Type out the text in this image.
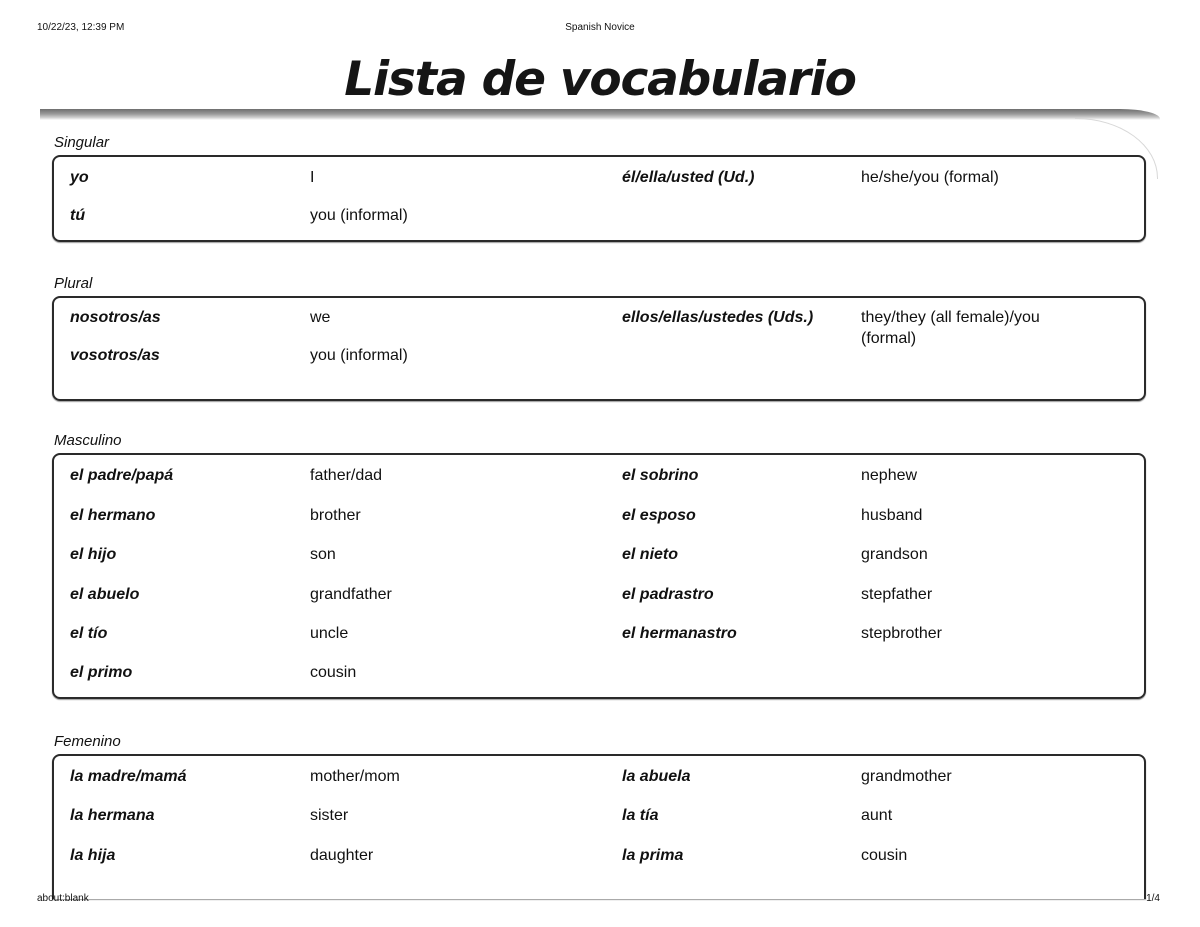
10/22/23, 12:39 PM	Spanish Novice
Lista de vocabulario
Singular
yo	I	él/ella/usted (Ud.)	he/she/you (formal)
tú	you (informal)
Plural
nosotros/as	we	ellos/ellas/ustedes (Uds.)	they/they (all female)/you (formal)
vosotros/as	you (informal)
Masculino
el padre/papá	father/dad	el sobrino	nephew
el hermano	brother	el esposo	husband
el hijo	son	el nieto	grandson
el abuelo	grandfather	el padrastro	stepfather
el tío	uncle	el hermanastro	stepbrother
el primo	cousin
Femenino
la madre/mamá	mother/mom	la abuela	grandmother
la hermana	sister	la tía	aunt
la hija	daughter	la prima	cousin
about:blank	1/4
